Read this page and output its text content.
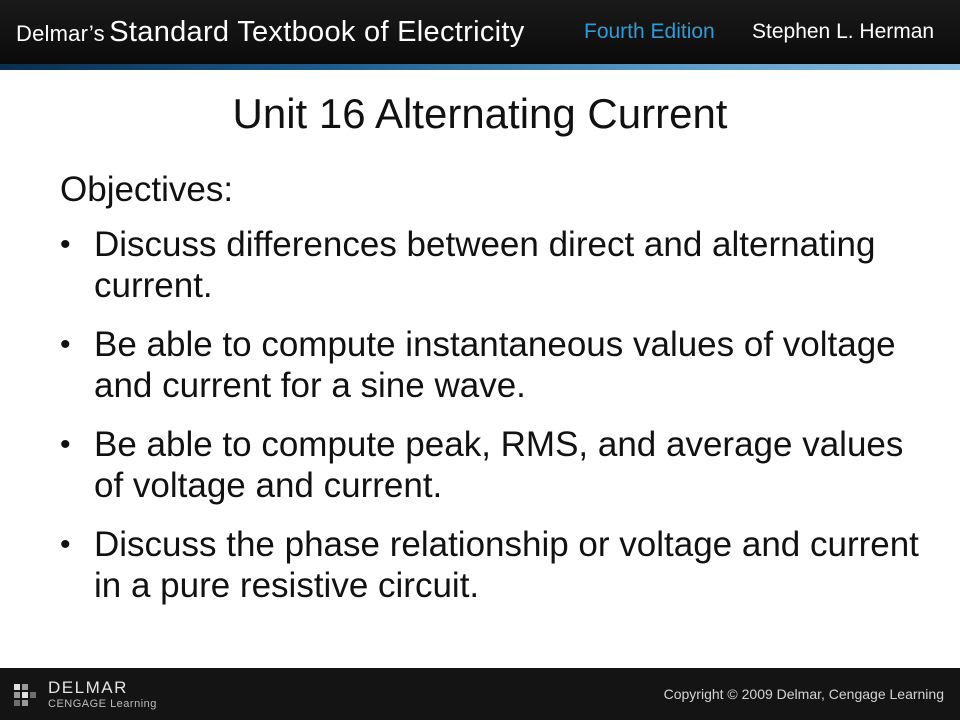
Delmar’s Standard Textbook of Electricity	Fourth Edition Stephen L. Herman
Unit 16 Alternating Current
Objectives:
• Discuss differences between direct and alternating current.
• Be able to compute instantaneous values of voltage and current for a sine wave.
• Be able to compute peak, RMS, and average values of voltage and current.
• Discuss the phase relationship or voltage and current in a pure resistive circuit.
DELMAR
CENGAGE Learning
Copyright © 2009 Delmar, Cengage Learning
